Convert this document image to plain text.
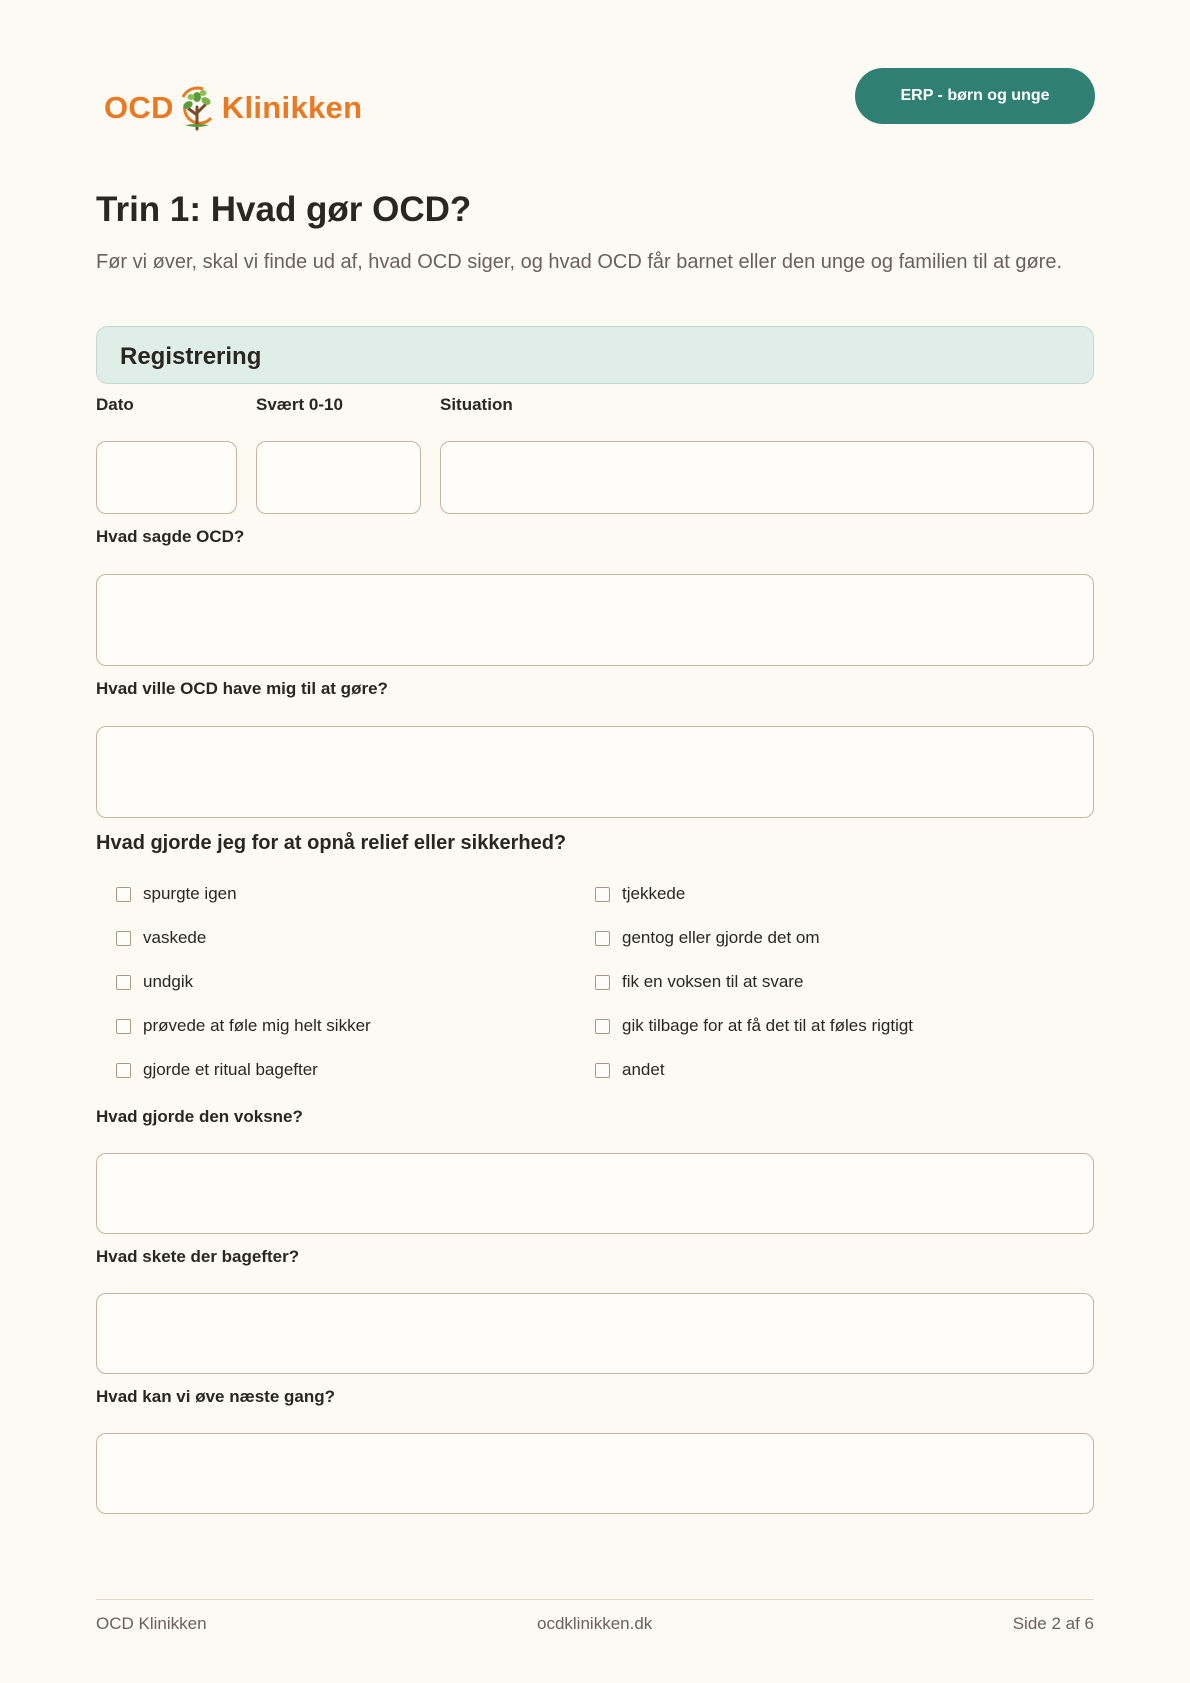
OCD Klinikken	ERP - børn og unge
Trin 1: Hvad gør OCD?

Før vi øver, skal vi finde ud af, hvad OCD siger, og hvad OCD får barnet eller den unge og familien til at gøre.

Registrering
Dato	Svært 0-10	Situation
Hvad sagde OCD?
Hvad ville OCD have mig til at gøre?
Hvad gjorde jeg for at opnå relief eller sikkerhed?
spurgte igen
vaskede
undgik
prøvede at føle mig helt sikker
gjorde et ritual bagefter
tjekkede
gentog eller gjorde det om
fik en voksen til at svare
gik tilbage for at få det til at føles rigtigt
andet
Hvad gjorde den voksne?
Hvad skete der bagefter?
Hvad kan vi øve næste gang?
OCD Klinikken	ocdklinikken.dk	Side 2 af 6
